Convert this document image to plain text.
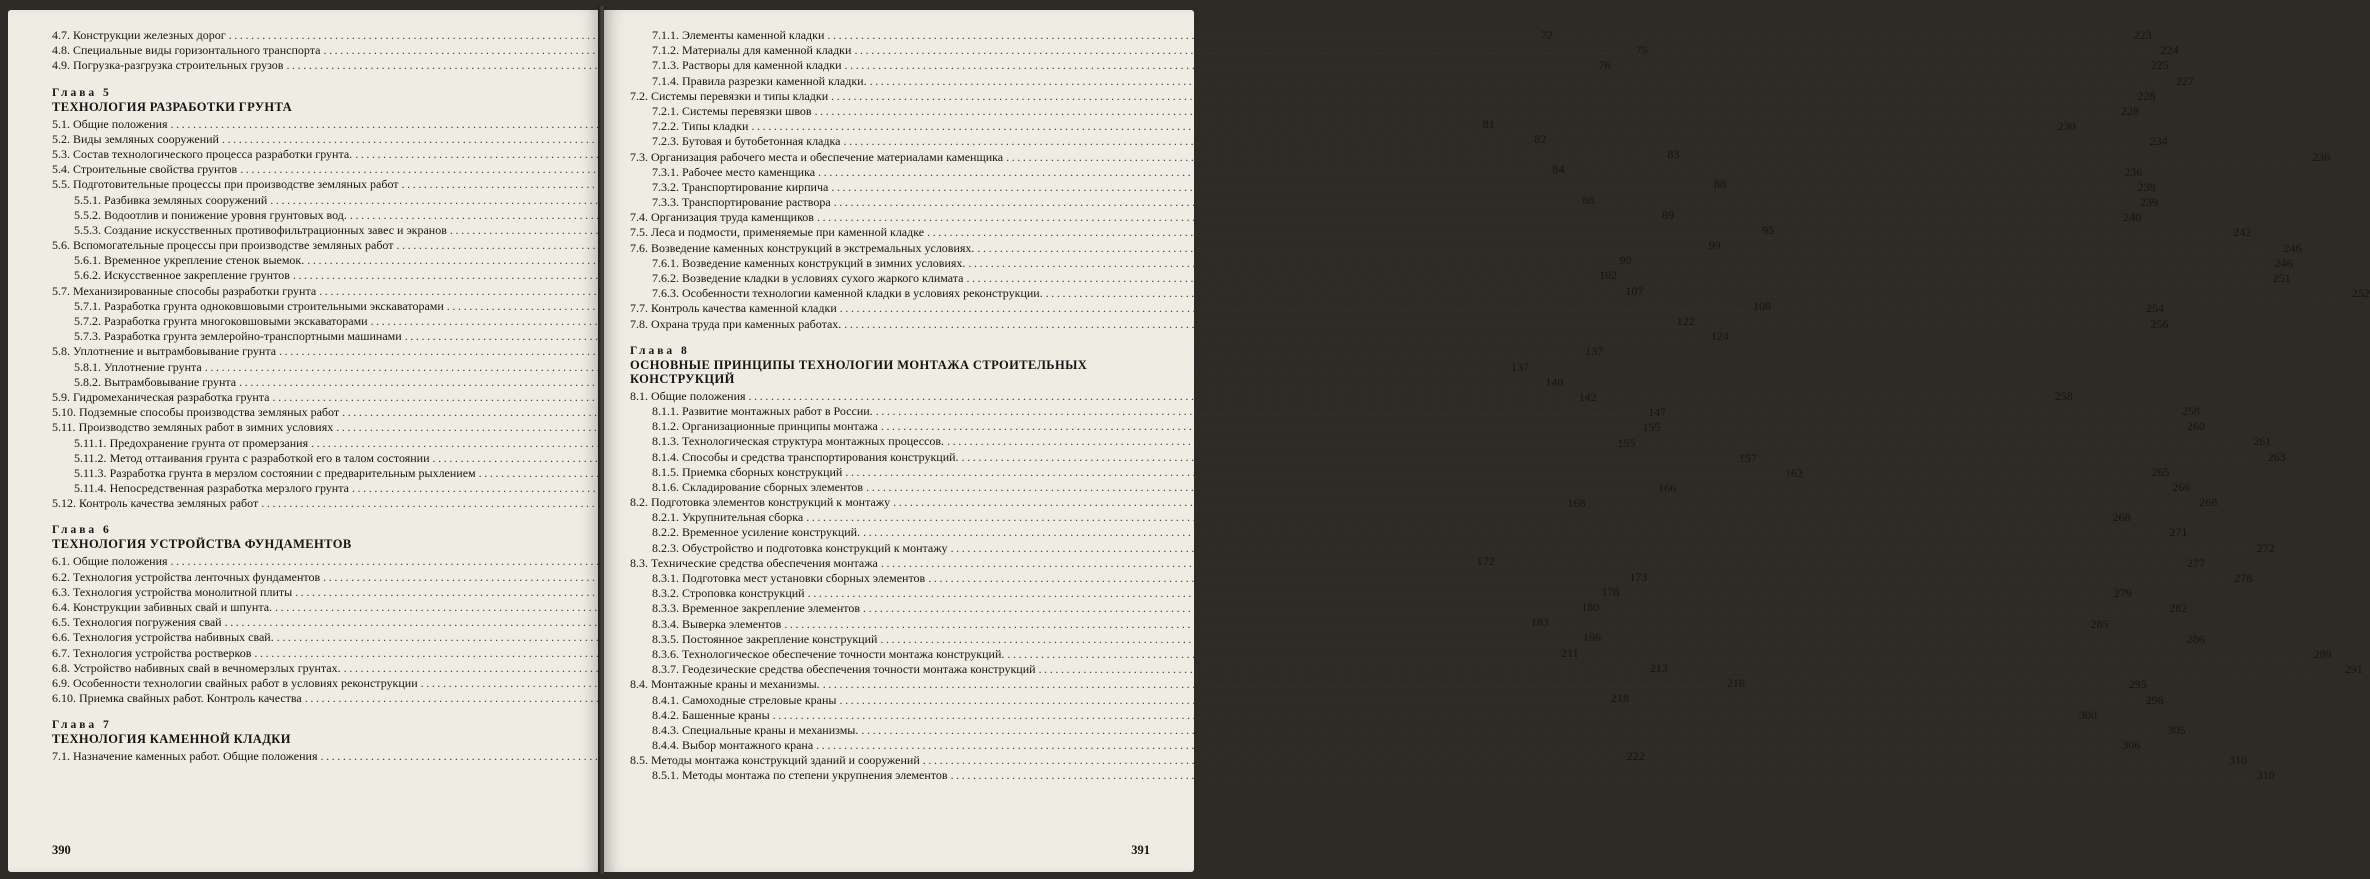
4.7. Конструкции железных дорог .....	72
4.8. Специальные виды горизонтального транспорта .....	75
4.9. Погрузка-разгрузка строительных грузов .....	76
Глава 5
ТЕХНОЛОГИЯ РАЗРАБОТКИ ГРУНТА
5.1. Общие положения .....	81
5.2. Виды земляных сооружений .....	82
5.3. Состав технологического процесса разработки грунта. .....	83
5.4. Строительные свойства грунтов .....	84
5.5. Подготовительные процессы при производстве земляных работ .....	88
5.5.1. Разбивка земляных сооружений .....	88
5.5.2. Водоотлив и понижение уровня грунтовых вод. .....	89
5.5.3. Создание искусственных противофильтрационных завес и экранов .....	95
5.6. Вспомогательные процессы при производстве земляных работ .....	99
5.6.1. Временное укрепление стенок выемок. .....	99
5.6.2. Искусственное закрепление грунтов .....	102
5.7. Механизированные способы разработки грунта .....	107
5.7.1. Разработка грунта одноковшовыми строительными экскаваторами .....	108
5.7.2. Разработка грунта многоковшовыми экскаваторами .....	122
5.7.3. Разработка грунта землеройно-транспортными машинами .....	124
5.8. Уплотнение и вытрамбовывание грунта .....	137
5.8.1. Уплотнение грунта .....	137
5.8.2. Вытрамбовывание грунта .....	140
5.9. Гидромеханическая разработка грунта .....	142
5.10. Подземные способы производства земляных работ .....	147
5.11. Производство земляных работ в зимних условиях .....	155
5.11.1. Предохранение грунта от промерзания .....	155
5.11.2. Метод оттаивания грунта с разработкой его в талом состоянии .....	157
5.11.3. Разработка грунта в мерзлом состоянии с предварительным рыхлением .....	162
5.11.4. Непосредственная разработка мерзлого грунта .....	166
5.12. Контроль качества земляных работ .....	168
Глава 6
ТЕХНОЛОГИЯ УСТРОЙСТВА ФУНДАМЕНТОВ
6.1. Общие положения .....	172
6.2. Технология устройства ленточных фундаментов .....	173
6.3. Технология устройства монолитной плиты .....	178
6.4. Конструкции забивных свай и шпунта. .....	180
6.5. Технология погружения свай .....	183
6.6. Технология устройства набивных свай. .....	196
6.7. Технология устройства ростверков .....	211
6.8. Устройство набивных свай в вечномерзлых грунтах. .....	213
6.9. Особенности технологии свайных работ в условиях реконструкции .....	216
6.10. Приемка свайных работ. Контроль качества .....	218
Глава 7
ТЕХНОЛОГИЯ КАМЕННОЙ КЛАДКИ
7.1. Назначение каменных работ. Общие положения .....	222
390
7.1.1. Элементы каменной кладки .....	223
7.1.2. Материалы для каменной кладки .....	224
7.1.3. Растворы для каменной кладки .....	225
7.1.4. Правила разрезки каменной кладки. .....	227
7.2. Системы перевязки и типы кладки .....	228
7.2.1. Системы перевязки швов .....	228
7.2.2. Типы кладки .....	230
7.2.3. Бутовая и бутобетонная кладка .....	234
7.3. Организация рабочего места и обеспечение материалами каменщика .....	236
7.3.1. Рабочее место каменщика .....	236
7.3.2. Транспортирование кирпича .....	238
7.3.3. Транспортирование раствора .....	239
7.4. Организация труда каменщиков .....	240
7.5. Леса и подмости, применяемые при каменной кладке .....	242
7.6. Возведение каменных конструкций в экстремальных условиях. .....	246
7.6.1. Возведение каменных конструкций в зимних условиях. .....	246
7.6.2. Возведение кладки в условиях сухого жаркого климата .....	251
7.6.3. Особенности технологии каменной кладки в условиях реконструкции. .....	252
7.7. Контроль качества каменной кладки .....	254
7.8. Охрана труда при каменных работах. .....	256
Глава 8
ОСНОВНЫЕ ПРИНЦИПЫ ТЕХНОЛОГИИ МОНТАЖА СТРОИТЕЛЬНЫХ КОНСТРУКЦИЙ
8.1. Общие положения .....	258
8.1.1. Развитие монтажных работ в России. .....	258
8.1.2. Организационные принципы монтажа .....	260
8.1.3. Технологическая структура монтажных процессов. .....	261
8.1.4. Способы и средства транспортирования конструкций. .....	263
8.1.5. Приемка сборных конструкций .....	265
8.1.6. Складирование сборных элементов .....	266
8.2. Подготовка элементов конструкций к монтажу .....	268
8.2.1. Укрупнительная сборка .....	268
8.2.2. Временное усиление конструкций. .....	271
8.2.3. Обустройство и подготовка конструкций к монтажу .....	272
8.3. Технические средства обеспечения монтажа .....	277
8.3.1. Подготовка мест установки сборных элементов .....	278
8.3.2. Строповка конструкций .....	279
8.3.3. Временное закрепление элементов .....	282
8.3.4. Выверка элементов .....	285
8.3.5. Постоянное закрепление конструкций .....	286
8.3.6. Технологическое обеспечение точности монтажа конструкций. .....	289
8.3.7. Геодезические средства обеспечения точности монтажа конструкций .....	291
8.4. Монтажные краны и механизмы. .....	295
8.4.1. Самоходные стреловые краны .....	296
8.4.2. Башенные краны .....	300
8.4.3. Специальные краны и механизмы. .....	305
8.4.4. Выбор монтажного крана .....	306
8.5. Методы монтажа конструкций зданий и сооружений .....	310
8.5.1. Методы монтажа по степени укрупнения элементов .....	310
391
